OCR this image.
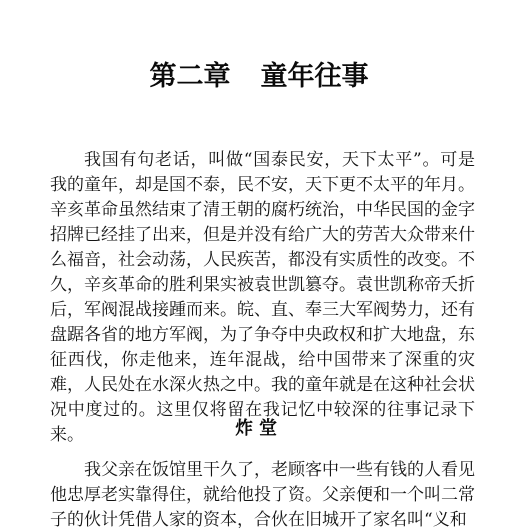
第二章 童年往事

我国有句老话，叫做“国泰民安，天下太平”。可是我的童年，却是国不泰，民不安，天下更不太平的年月。辛亥革命虽然结束了清王朝的腐朽统治，中华民国的金字招牌已经挂了出来，但是并没有给广大的劳苦大众带来什么福音，社会动荡，人民疾苦，都没有实质性的改变。不久，辛亥革命的胜利果实被袁世凯篡夺。袁世凯称帝夭折后，军阀混战接踵而来。皖、直、奉三大军阀势力，还有盘踞各省的地方军阀，为了争夺中央政权和扩大地盘，东征西伐，你走他来，连年混战，给中国带来了深重的灾难，人民处在水深火热之中。我的童年就是在这种社会状况中度过的。这里仅将留在我记忆中较深的往事记录下来。	炸堂

我父亲在饭馆里干久了，老顾客中一些有钱的人看见他忠厚老实靠得住，就给他投了资。父亲便和一个叫二常子的伙计凭借人家的资本，合伙在旧城开了家名叫“义和
